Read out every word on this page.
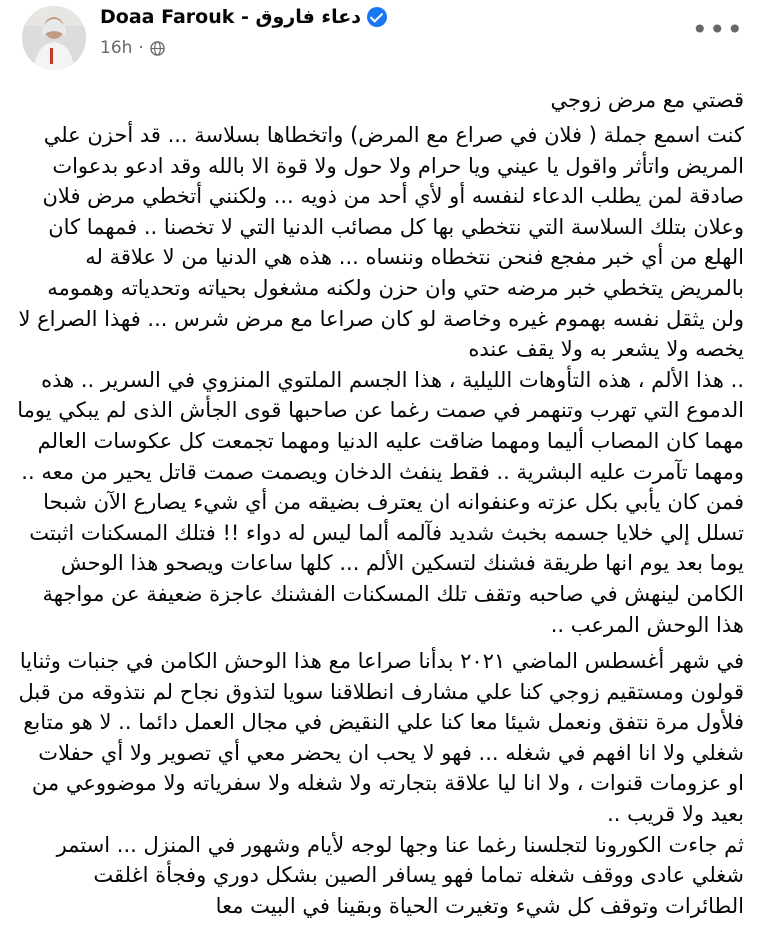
Doaa Farouk - دعاء فاروق
16h ·
•••
قصتي مع مرض زوجي

كنت اسمع جملة ( فلان في صراع مع المرض) واتخطاها بسلاسة ... قد أحزن علي المريض واتأثر واقول يا عيني ويا حرام ولا حول ولا قوة الا بالله وقد ادعو بدعوات صادقة لمن يطلب الدعاء لنفسه أو لأي أحد من ذويه ... ولكنني أتخطي مرض فلان وعلان بتلك السلاسة التي نتخطي بها كل مصائب الدنيا التي لا تخصنا .. فمهما كان الهلع من أي خبر مفجع فنحن نتخطاه وننساه ... هذه هي الدنيا من لا علاقة له بالمريض يتخطي خبر مرضه حتي وان حزن ولكنه مشغول بحياته وتحدياته وهمومه ولن يثقل نفسه بهموم غيره وخاصة لو كان صراعا مع مرض شرس ... فهذا الصراع لا يخصه ولا يشعر به ولا يقف عنده

.. هذا الألم ، هذه التأوهات الليلية ، هذا الجسم الملتوي المنزوي في السرير .. هذه الدموع التي تهرب وتنهمر في صمت رغما عن صاحبها قوى الجأش الذى لم يبكي يوما مهما كان المصاب أليما ومهما ضاقت عليه الدنيا ومهما تجمعت كل عكوسات العالم ومهما تآمرت عليه البشرية .. فقط ينفث الدخان ويصمت صمت قاتل يحير من معه .. فمن كان يأبي بكل عزته وعنفوانه ان يعترف بضيقه من أي شيء يصارع الآن شبحا تسلل إلي خلايا جسمه بخبث شديد فآلمه ألما ليس له دواء !! فتلك المسكنات اثبتت يوما بعد يوم انها طريقة فشنك لتسكين الألم ... كلها ساعات ويصحو هذا الوحش الكامن لينهش في صاحبه وتقف تلك المسكنات الفشنك عاجزة ضعيفة عن مواجهة هذا الوحش المرعب ..

في شهر أغسطس الماضي ٢٠٢١ بدأنا صراعا مع هذا الوحش الكامن في جنبات وثنايا قولون ومستقيم زوجي كنا علي مشارف انطلاقنا سويا لتذوق نجاح لم نتذوقه من قبل فلأول مرة نتفق ونعمل شيئا معا كنا علي النقيض في مجال العمل دائما .. لا هو متابع شغلي ولا انا افهم في شغله ... فهو لا يحب ان يحضر معي أي تصوير ولا أي حفلات او عزومات قنوات ، ولا انا ليا علاقة بتجارته ولا شغله ولا سفرياته ولا موضووعي من بعيد ولا قريب ..

ثم جاءت الكورونا لتجلسنا رغما عنا وجها لوجه لأيام وشهور في المنزل ... استمر شغلي عادى ووقف شغله تماما فهو يسافر الصين بشكل دوري وفجأة اغلقت الطائرات وتوقف كل شيء وتغيرت الحياة وبقينا في البيت معا
